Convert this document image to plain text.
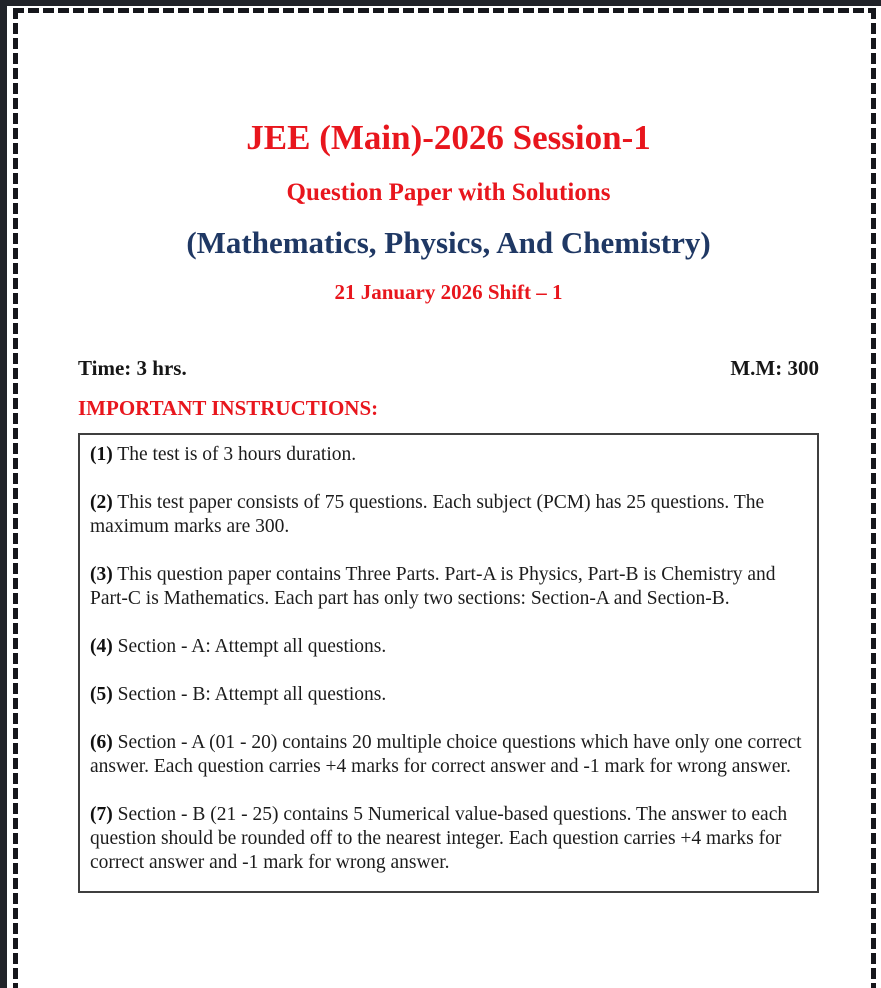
JEE (Main)-2026 Session-1
Question Paper with Solutions
(Mathematics, Physics, And Chemistry)
21 January 2026 Shift – 1
Time: 3 hrs.	M.M: 300
IMPORTANT INSTRUCTIONS:

(1) The test is of 3 hours duration.

(2) This test paper consists of 75 questions. Each subject (PCM) has 25 questions. The maximum marks are 300.

(3) This question paper contains Three Parts. Part-A is Physics, Part-B is Chemistry and Part-C is Mathematics. Each part has only two sections: Section-A and Section-B.

(4) Section - A: Attempt all questions.

(5) Section - B: Attempt all questions.

(6) Section - A (01 - 20) contains 20 multiple choice questions which have only one correct answer. Each question carries +4 marks for correct answer and -1 mark for wrong answer.

(7) Section - B (21 - 25) contains 5 Numerical value-based questions. The answer to each question should be rounded off to the nearest integer. Each question carries +4 marks for correct answer and -1 mark for wrong answer.
